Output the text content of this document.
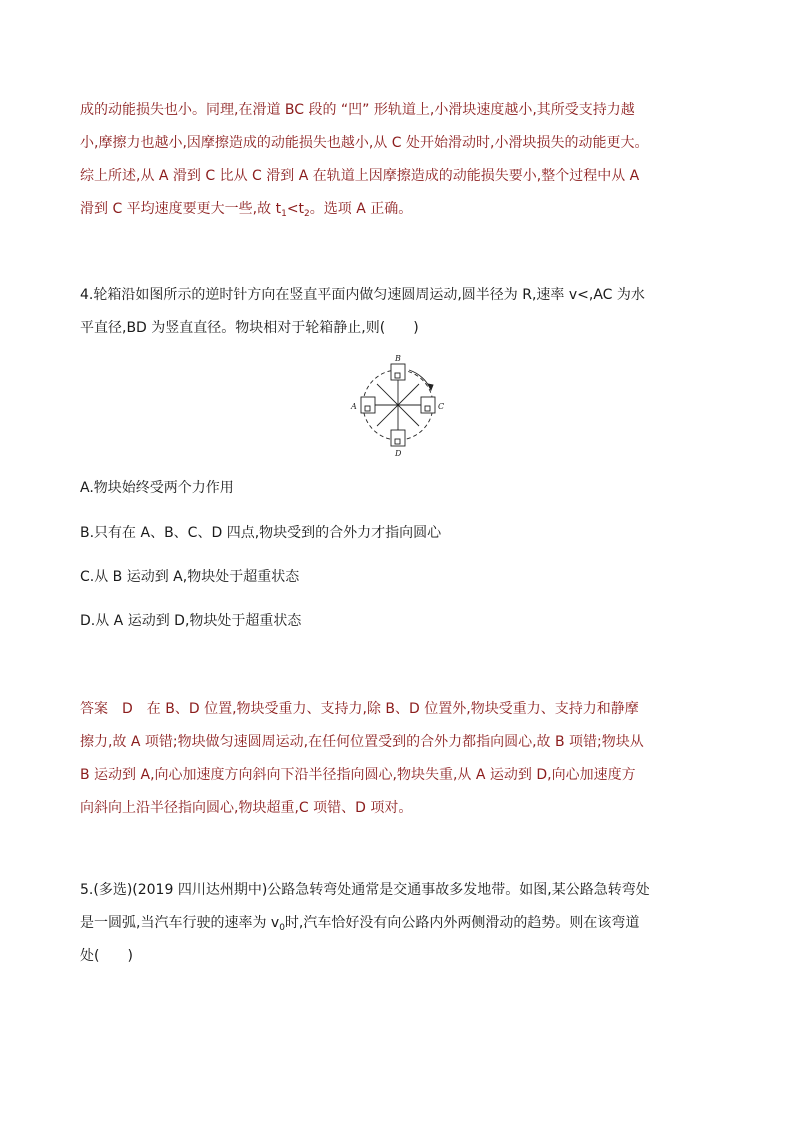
成的动能损失也小。同理,在滑道 BC 段的 “凹” 形轨道上,小滑块速度越小,其所受支持力越
小,摩擦力也越小,因摩擦造成的动能损失也越小,从 C 处开始滑动时,小滑块损失的动能更大。
综上所述,从 A 滑到 C 比从 C 滑到 A 在轨道上因摩擦造成的动能损失要小,整个过程中从 A
滑到 C 平均速度要更大一些,故 $t_1<t_2$。选项 A 正确。
4.轮箱沿如图所示的逆时针方向在竖直平面内做匀速圆周运动,圆半径为 R,速率 v<,AC 为水
平直径,BD 为竖直直径。物块相对于轮箱静止,则(　　)
B
D
A	C
A.物块始终受两个力作用
B.只有在 A、B、C、D 四点,物块受到的合外力才指向圆心
C.从 B 运动到 A,物块处于超重状态
D.从 A 运动到 D,物块处于超重状态
答案 D 在 B、D 位置,物块受重力、支持力,除 B、D 位置外,物块受重力、支持力和静摩
擦力,故 A 项错;物块做匀速圆周运动,在任何位置受到的合外力都指向圆心,故 B 项错;物块从
B 运动到 A,向心加速度方向斜向下沿半径指向圆心,物块失重,从 A 运动到 D,向心加速度方
向斜向上沿半径指向圆心,物块超重,C 项错、D 项对。
5.(多选)(2019 四川达州期中)公路急转弯处通常是交通事故多发地带。如图,某公路急转弯处
是一圆弧,当汽车行驶的速率为 $v_0$时,汽车恰好没有向公路内外两侧滑动的趋势。则在该弯道
处(　　)
